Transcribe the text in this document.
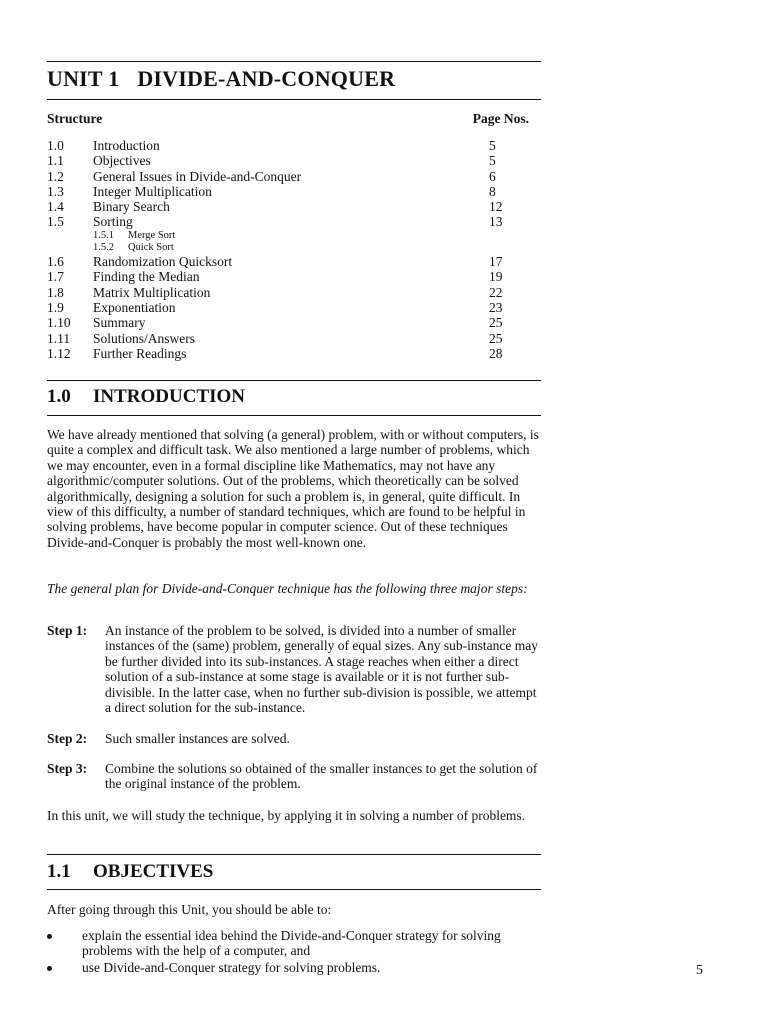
UNIT 1 DIVIDE-AND-CONQUER
Structure	Page Nos.
1.0 Introduction	5
1.1 Objectives	5
1.2 General Issues in Divide-and-Conquer	6
1.3 Integer Multiplication	8
1.4 Binary Search	12
1.5 Sorting	13
1.5.1 Merge Sort
1.5.2 Quick Sort
1.6 Randomization Quicksort	17
1.7 Finding the Median	19
1.8 Matrix Multiplication	22
1.9 Exponentiation	23
1.10 Summary	25
1.11 Solutions/Answers	25
1.12 Further Readings	28
1.0 INTRODUCTION
We have already mentioned that solving (a general) problem, with or without computers, is quite a complex and difficult task. We also mentioned a large number of problems, which we may encounter, even in a formal discipline like Mathematics, may not have any algorithmic/computer solutions. Out of the problems, which theoretically can be solved algorithmically, designing a solution for such a problem is, in general, quite difficult. In view of this difficulty, a number of standard techniques, which are found to be helpful in solving problems, have become popular in computer science. Out of these techniques Divide-and-Conquer is probably the most well-known one.
The general plan for Divide-and-Conquer technique has the following three major steps:
Step 1: An instance of the problem to be solved, is divided into a number of smaller instances of the (same) problem, generally of equal sizes. Any sub-instance may be further divided into its sub-instances. A stage reaches when either a direct solution of a sub-instance at some stage is available or it is not further sub-divisible. In the latter case, when no further sub-division is possible, we attempt a direct solution for the sub-instance.
Step 2: Such smaller instances are solved.
Step 3: Combine the solutions so obtained of the smaller instances to get the solution of the original instance of the problem.
In this unit, we will study the technique, by applying it in solving a number of problems.
1.1 OBJECTIVES
After going through this Unit, you should be able to:
explain the essential idea behind the Divide-and-Conquer strategy for solving problems with the help of a computer, and
use Divide-and-Conquer strategy for solving problems.	5
